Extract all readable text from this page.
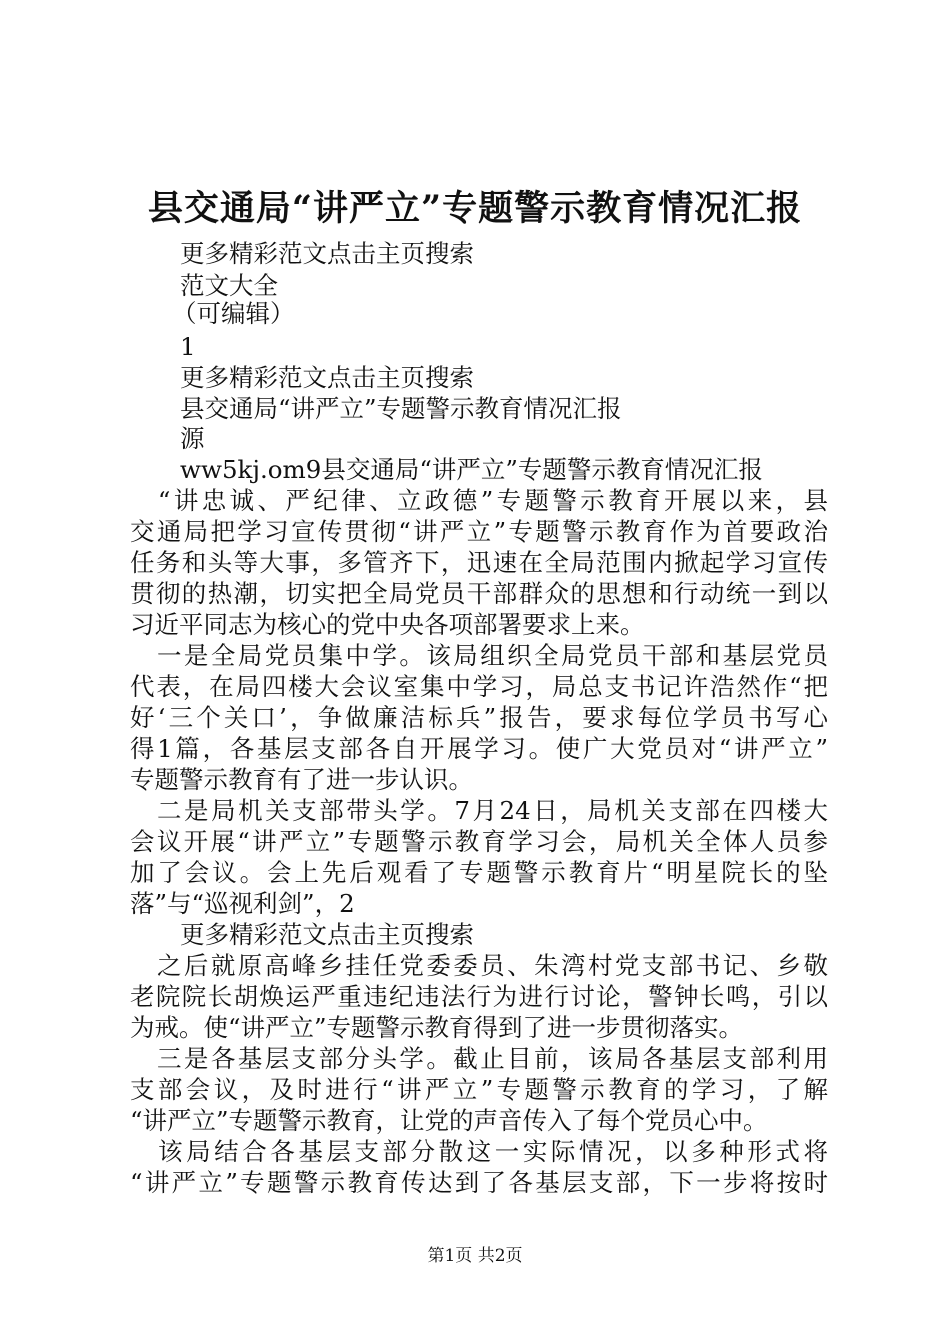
县交通局“讲严立”专题警示教育情况汇报
更多精彩范文点击主页搜索
范文大全
（可编辑）
1
更多精彩范文点击主页搜索
县交通局“讲严立”专题警示教育情况汇报
源
ww5kj.om9县交通局“讲严立”专题警示教育情况汇报
　“讲忠诚、严纪律、立政德”专题警示教育开展以来，县
交通局把学习宣传贯彻“讲严立”专题警示教育作为首要政治
任务和头等大事，多管齐下，迅速在全局范围内掀起学习宣传
贯彻的热潮，切实把全局党员干部群众的思想和行动统一到以
习近平同志为核心的党中央各项部署要求上来。
　一是全局党员集中学。该局组织全局党员干部和基层党员
代表，在局四楼大会议室集中学习，局总支书记许浩然作“把
好‘三个关口’，争做廉洁标兵”报告，要求每位学员书写心
得1篇，各基层支部各自开展学习。使广大党员对“讲严立”
专题警示教育有了进一步认识。
　二是局机关支部带头学。7月24日，局机关支部在四楼大
会议开展“讲严立”专题警示教育学习会，局机关全体人员参
加了会议。会上先后观看了专题警示教育片“明星院长的坠
落”与“巡视利剑”，2
更多精彩范文点击主页搜索
　之后就原高峰乡挂任党委委员、朱湾村党支部书记、乡敬
老院院长胡焕运严重违纪违法行为进行讨论，警钟长鸣，引以
为戒。使“讲严立”专题警示教育得到了进一步贯彻落实。
　三是各基层支部分头学。截止目前，该局各基层支部利用
支部会议，及时进行“讲严立”专题警示教育的学习，了解
“讲严立”专题警示教育，让党的声音传入了每个党员心中。
　该局结合各基层支部分散这一实际情况，以多种形式将
“讲严立”专题警示教育传达到了各基层支部，下一步将按时
第1页 共2页
